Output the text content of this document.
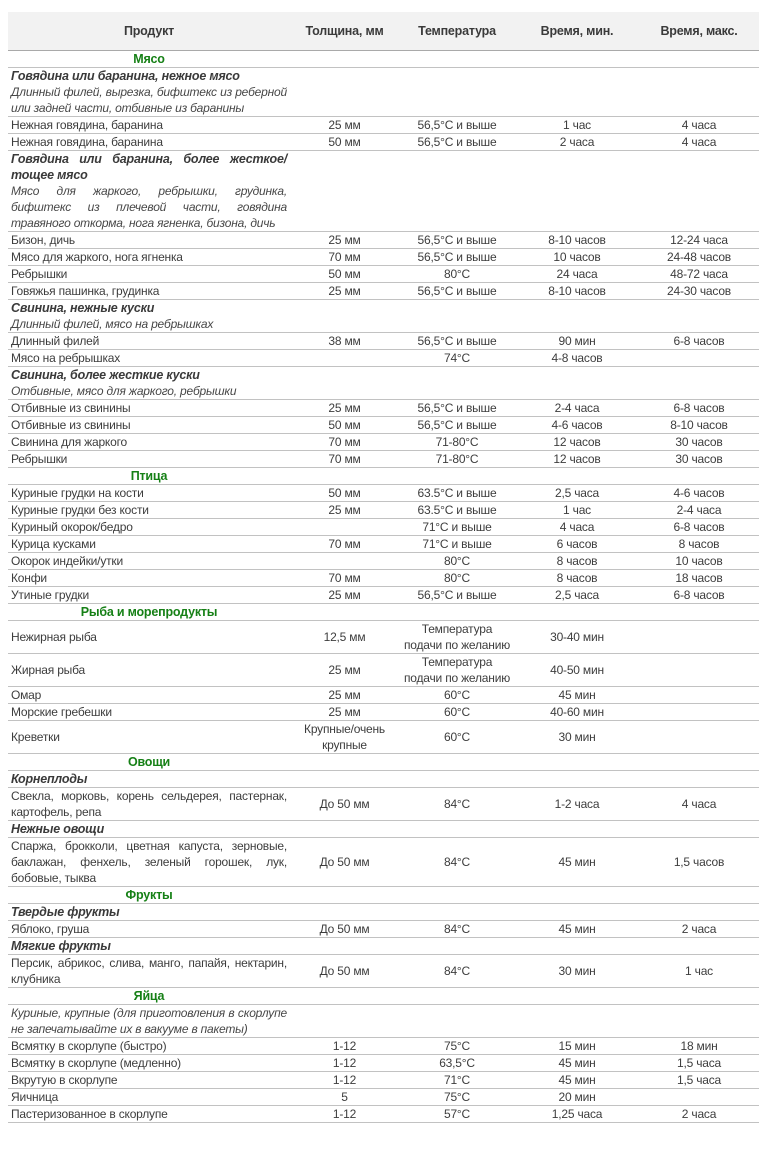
Продукт	Толщина, мм	Температура	Время, мин.	Время, макс.

Мясо				

Говядина или баранина, нежное мясо				
Длинный филей, вырезка, бифштекс из реберной или задней части, отбивные из баранины				
Нежная говядина, баранина	25 мм	56,5°C и выше	1 час	4 часа
Нежная говядина, баранина	50 мм	56,5°C и выше	2 часа	4 часа
Говядина или баранина, более жесткое/тощее мясо				
Мясо для жаркого, ребрышки, грудинка, бифштекс из плечевой части, говядина травяного откорма, нога ягненка, бизона, дичь				
Бизон, дичь	25 мм	56,5°C и выше	8-10 часов	12-24 часа
Мясо для жаркого, нога ягненка	70 мм	56,5°C и выше	10 часов	24-48 часов
Ребрышки	50 мм	80°C	24 часа	48-72 часа
Говяжья пашинка, грудинка	25 мм	56,5°C и выше	8-10 часов	24-30 часов
Свинина, нежные куски				
Длинный филей, мясо на ребрышках				
Длинный филей	38 мм	56,5°C и выше	90 мин	6-8 часов
Мясо на ребрышках		74°C	4-8 часов	
Свинина, более жесткие куски				
Отбивные, мясо для жаркого, ребрышки				
Отбивные из свинины	25 мм	56,5°C и выше	2-4 часа	6-8 часов
Отбивные из свинины	50 мм	56,5°C и выше	4-6 часов	8-10 часов
Свинина для жаркого	70 мм	71-80°C	12 часов	30 часов
Ребрышки	70 мм	71-80°C	12 часов	30 часов

Птица				

Куриные грудки на кости	50 мм	63.5°C и выше	2,5 часа	4-6 часов
Куриные грудки без кости	25 мм	63.5°C и выше	1 час	2-4 часа
Куриный окорок/бедро		71°C и выше	4 часа	6-8 часов
Курица кусками	70 мм	71°C и выше	6 часов	8 часов
Окорок индейки/утки		80°C	8 часов	10 часов
Конфи	70 мм	80°C	8 часов	18 часов
Утиные грудки	25 мм	56,5°C и выше	2,5 часа	6-8 часов

Рыба и морепродукты				

Нежирная рыба	12,5 мм	Температура подачи по желанию	30-40 мин	
Жирная рыба	25 мм	Температура подачи по желанию	40-50 мин	
Омар	25 мм	60°C	45 мин	
Морские гребешки	25 мм	60°C	40-60 мин	
Креветки	Крупные/очень крупные	60°C	30 мин	

Овощи				

Корнеплоды				
Свекла, морковь, корень сельдерея, пастернак, картофель, репа	До 50 мм	84°C	1-2 часа	4 часа
Нежные овощи				
Спаржа, брокколи, цветная капуста, зерновые, баклажан, фенхель, зеленый горошек, лук, бобовые, тыква	До 50 мм	84°C	45 мин	1,5 часов

Фрукты				

Твердые фрукты				
Яблоко, груша	До 50 мм	84°C	45 мин	2 часа
Мягкие фрукты				
Персик, абрикос, слива, манго, папайя, нектарин, клубника	До 50 мм	84°C	30 мин	1 час

Яйца				

Куриные, крупные (для приготовления в скорлупе не запечатывайте их в вакууме в пакеты)				
Всмятку в скорлупе (быстро)	1-12	75°C	15 мин	18 мин
Всмятку в скорлупе (медленно)	1-12	63,5°C	45 мин	1,5 часа
Вкрутую в скорлупе	1-12	71°C	45 мин	1,5 часа
Яичница	5	75°C	20 мин	
Пастеризованное в скорлупе	1-12	57°C	1,25 часа	2 часа
